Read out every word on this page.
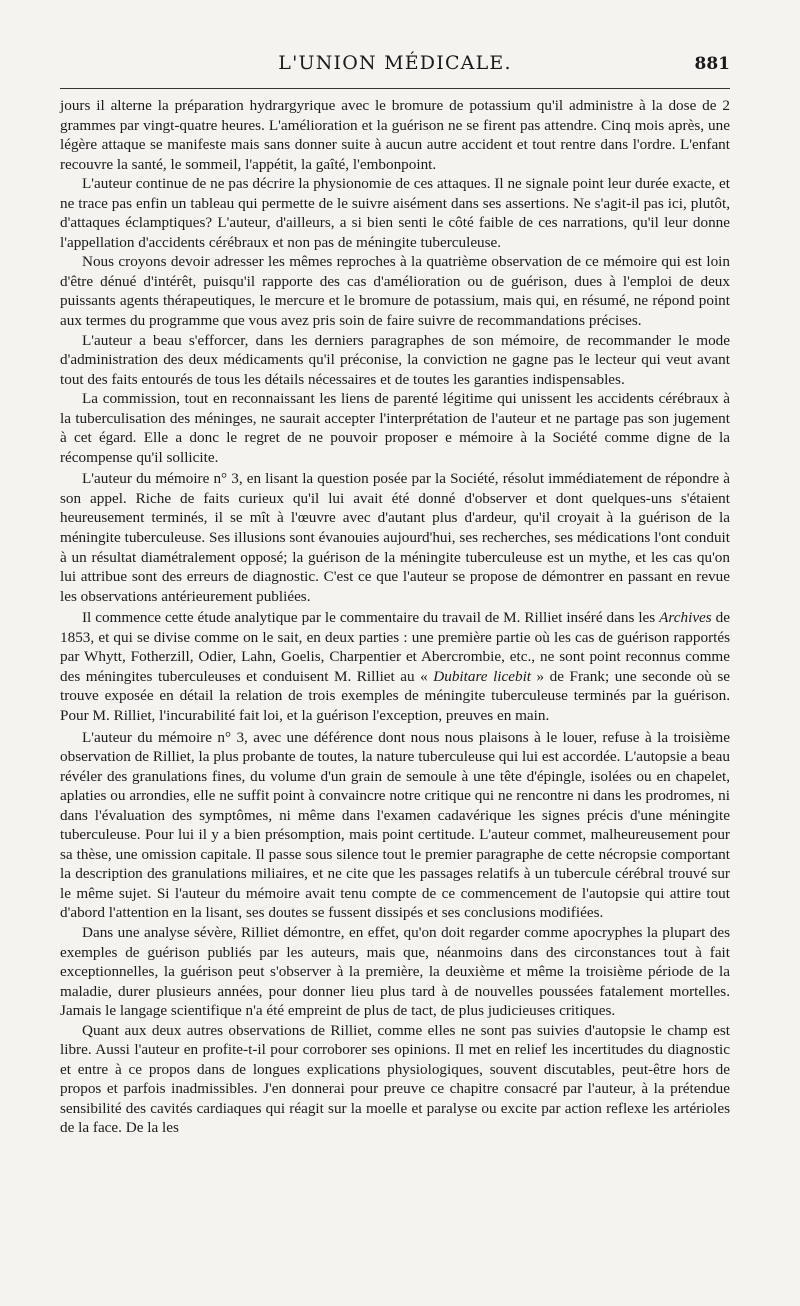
L'UNION MÉDICALE.	881

jours il alterne la préparation hydrargyrique avec le bromure de potassium qu'il administre à la dose de 2 grammes par vingt-quatre heures. L'amélioration et la guérison ne se firent pas attendre. Cinq mois après, une légère attaque se manifeste mais sans donner suite à aucun autre accident et tout rentre dans l'ordre. L'enfant recouvre la santé, le sommeil, l'appétit, la gaîté, l'embonpoint.

L'auteur continue de ne pas décrire la physionomie de ces attaques. Il ne signale point leur durée exacte, et ne trace pas enfin un tableau qui permette de le suivre aisément dans ses assertions. Ne s'agit-il pas ici, plutôt, d'attaques éclamptiques? L'auteur, d'ailleurs, a si bien senti le côté faible de ces narrations, qu'il leur donne l'appellation d'accidents cérébraux et non pas de méningite tuberculeuse.

Nous croyons devoir adresser les mêmes reproches à la quatrième observation de ce mémoire qui est loin d'être dénué d'intérêt, puisqu'il rapporte des cas d'amélioration ou de guérison, dues à l'emploi de deux puissants agents thérapeutiques, le mercure et le bromure de potassium, mais qui, en résumé, ne répond point aux termes du programme que vous avez pris soin de faire suivre de recommandations précises.

L'auteur a beau s'efforcer, dans les derniers paragraphes de son mémoire, de recommander le mode d'administration des deux médicaments qu'il préconise, la conviction ne gagne pas le lecteur qui veut avant tout des faits entourés de tous les détails nécessaires et de toutes les garanties indispensables.

La commission, tout en reconnaissant les liens de parenté légitime qui unissent les accidents cérébraux à la tuberculisation des méninges, ne saurait accepter l'interprétation de l'auteur et ne partage pas son jugement à cet égard. Elle a donc le regret de ne pouvoir proposer e mémoire à la Société comme digne de la récompense qu'il sollicite.

L'auteur du mémoire n° 3, en lisant la question posée par la Société, résolut immédiatement de répondre à son appel. Riche de faits curieux qu'il lui avait été donné d'observer et dont quelques-uns s'étaient heureusement terminés, il se mît à l'œuvre avec d'autant plus d'ardeur, qu'il croyait à la guérison de la méningite tuberculeuse. Ses illusions sont évanouies aujourd'hui, ses recherches, ses médications l'ont conduit à un résultat diamétralement opposé; la guérison de la méningite tuberculeuse est un mythe, et les cas qu'on lui attribue sont des erreurs de diagnostic. C'est ce que l'auteur se propose de démontrer en passant en revue les observations antérieurement publiées.

Il commence cette étude analytique par le commentaire du travail de M. Rilliet inséré dans les Archives de 1853, et qui se divise comme on le sait, en deux parties : une première partie où les cas de guérison rapportés par Whytt, Fotherzill, Odier, Lahn, Goelis, Charpentier et Abercrombie, etc., ne sont point reconnus comme des méningites tuberculeuses et conduisent M. Rilliet au « Dubitare licebit » de Frank; une seconde où se trouve exposée en détail la relation de trois exemples de méningite tuberculeuse terminés par la guérison. Pour M. Rilliet, l'incurabilité fait loi, et la guérison l'exception, preuves en main.

L'auteur du mémoire n° 3, avec une déférence dont nous nous plaisons à le louer, refuse à la troisième observation de Rilliet, la plus probante de toutes, la nature tuberculeuse qui lui est accordée. L'autopsie a beau révéler des granulations fines, du volume d'un grain de semoule à une tête d'épingle, isolées ou en chapelet, aplaties ou arrondies, elle ne suffit point à convaincre notre critique qui ne rencontre ni dans les prodromes, ni dans l'évaluation des symptômes, ni même dans l'examen cadavérique les signes précis d'une méningite tuberculeuse. Pour lui il y a bien présomption, mais point certitude. L'auteur commet, malheureusement pour sa thèse, une omission capitale. Il passe sous silence tout le premier paragraphe de cette nécropsie comportant la description des granulations miliaires, et ne cite que les passages relatifs à un tubercule cérébral trouvé sur le même sujet. Si l'auteur du mémoire avait tenu compte de ce commencement de l'autopsie qui attire tout d'abord l'attention en la lisant, ses doutes se fussent dissipés et ses conclusions modifiées.

Dans une analyse sévère, Rilliet démontre, en effet, qu'on doit regarder comme apocryphes la plupart des exemples de guérison publiés par les auteurs, mais que, néanmoins dans des circonstances tout à fait exceptionnelles, la guérison peut s'observer à la première, la deuxième et même la troisième période de la maladie, durer plusieurs années, pour donner lieu plus tard à de nouvelles poussées fatalement mortelles. Jamais le langage scientifique n'a été empreint de plus de tact, de plus judicieuses critiques.

Quant aux deux autres observations de Rilliet, comme elles ne sont pas suivies d'autopsie le champ est libre. Aussi l'auteur en profite-t-il pour corroborer ses opinions. Il met en relief les incertitudes du diagnostic et entre à ce propos dans de longues explications physiologiques, souvent discutables, peut-être hors de propos et parfois inadmissibles. J'en donnerai pour preuve ce chapitre consacré par l'auteur, à la prétendue sensibilité des cavités cardiaques qui réagit sur la moelle et paralyse ou excite par action reflexe les artérioles de la face. De la les
